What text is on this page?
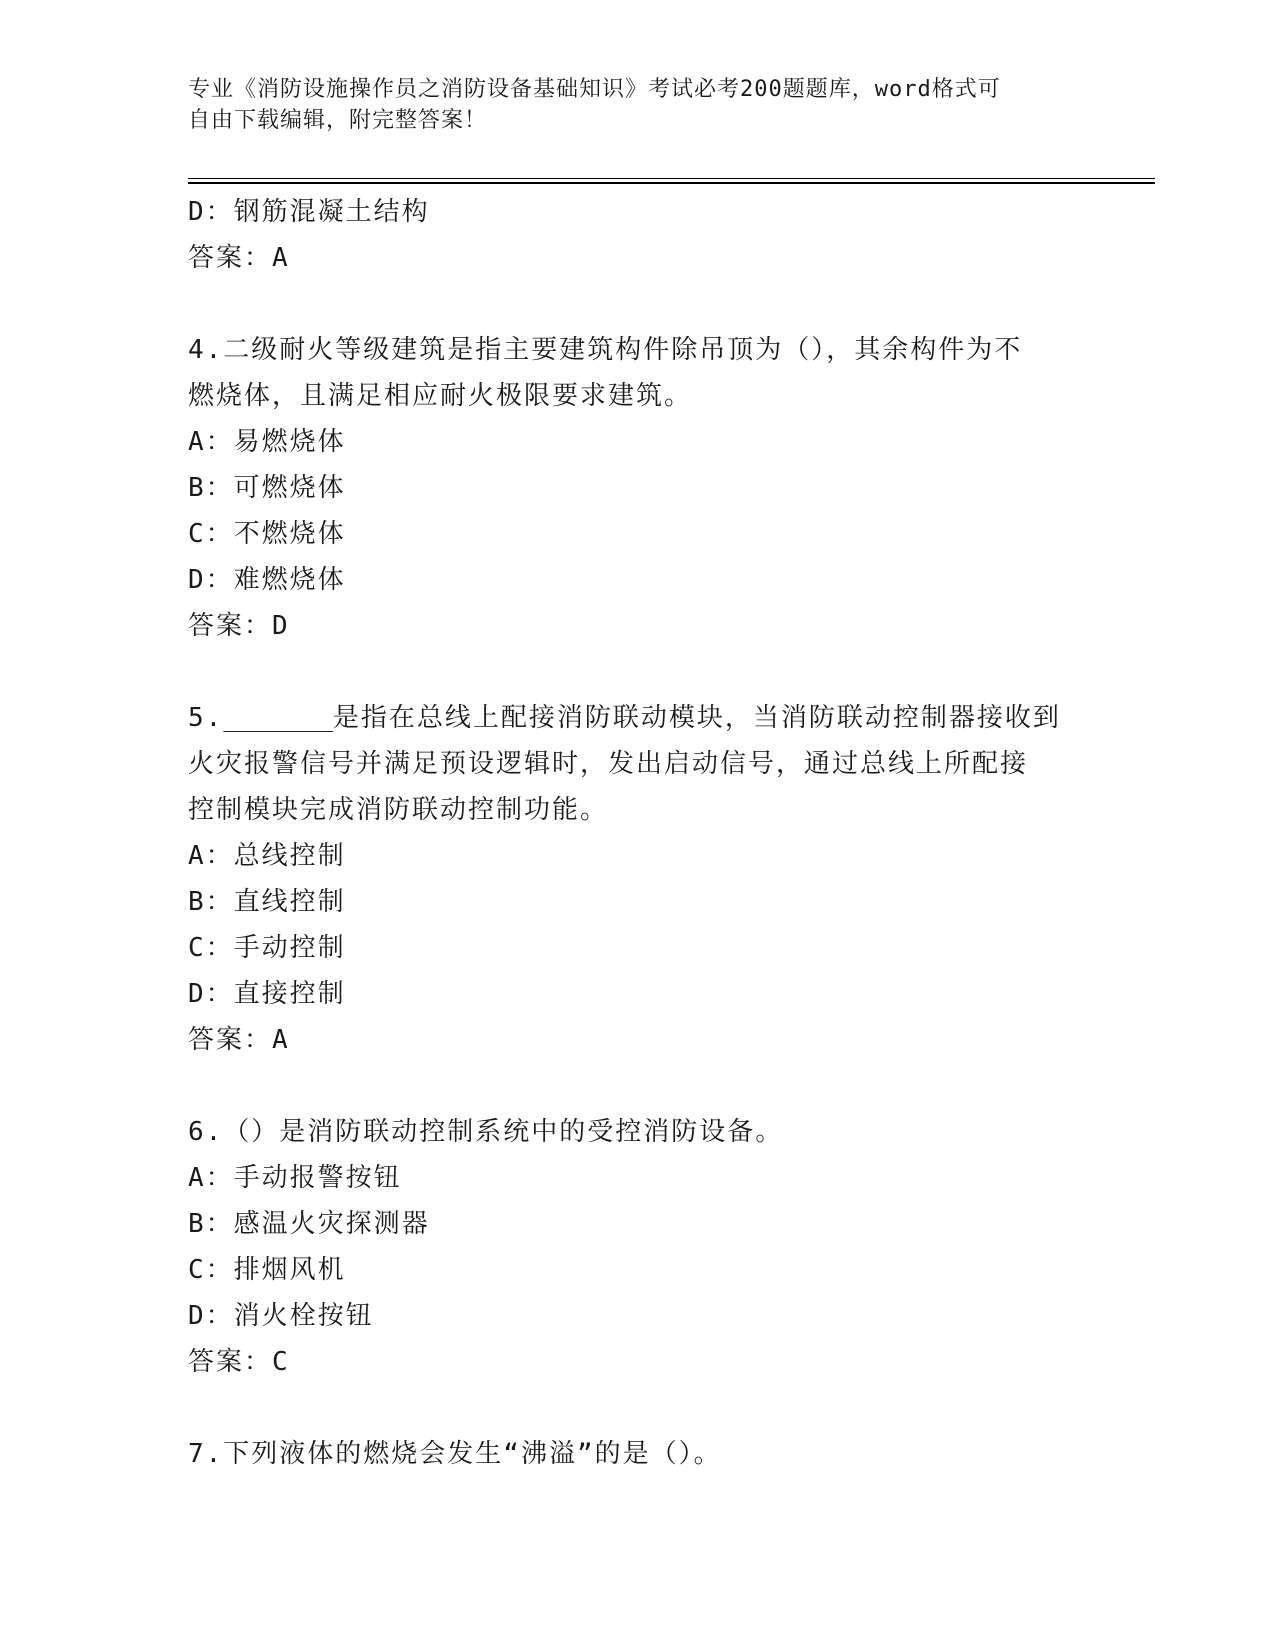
专业《消防设施操作员之消防设备基础知识》考试必考200题题库，word格式可
自由下载编辑，附完整答案！
D：钢筋混凝土结构
答案：A
4.二级耐火等级建筑是指主要建筑构件除吊顶为（），其余构件为不
燃烧体，且满足相应耐火极限要求建筑。
A：易燃烧体
B：可燃烧体
C：不燃烧体
D：难燃烧体
答案：D
5._______是指在总线上配接消防联动模块，当消防联动控制器接收到
火灾报警信号并满足预设逻辑时，发出启动信号，通过总线上所配接
控制模块完成消防联动控制功能。
A：总线控制
B：直线控制
C：手动控制
D：直接控制
答案：A
6.（）是消防联动控制系统中的受控消防设备。
A：手动报警按钮
B：感温火灾探测器
C：排烟风机
D：消火栓按钮
答案：C
7.下列液体的燃烧会发生“沸溢”的是（）。
